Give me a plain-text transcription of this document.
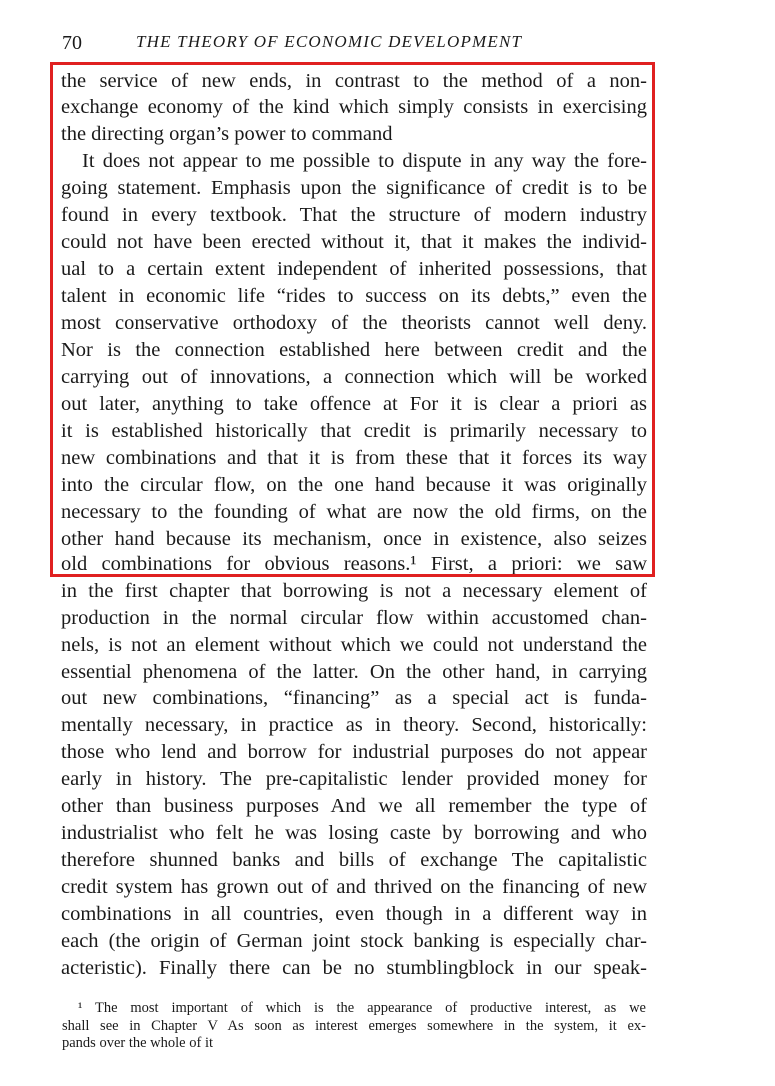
70	THE THEORY OF ECONOMIC DEVELOPMENT
the service of new ends, in contrast to the method of a non-
exchange economy of the kind which simply consists in exercising
the directing organ’s power to command
It does not appear to me possible to dispute in any way the fore-
going statement. Emphasis upon the significance of credit is to be
found in every textbook. That the structure of modern industry
could not have been erected without it, that it makes the individ-
ual to a certain extent independent of inherited possessions, that
talent in economic life “rides to success on its debts,” even the
most conservative orthodoxy of the theorists cannot well deny.
Nor is the connection established here between credit and the
carrying out of innovations, a connection which will be worked
out later, anything to take offence at For it is clear a priori as
it is established historically that credit is primarily necessary to
new combinations and that it is from these that it forces its way
into the circular flow, on the one hand because it was originally
necessary to the founding of what are now the old firms, on the
other hand because its mechanism, once in existence, also seizes
old combinations for obvious reasons.¹ First, a priori: we saw
in the first chapter that borrowing is not a necessary element of
production in the normal circular flow within accustomed chan-
nels, is not an element without which we could not understand the
essential phenomena of the latter. On the other hand, in carrying
out new combinations, “financing” as a special act is funda-
mentally necessary, in practice as in theory. Second, historically:
those who lend and borrow for industrial purposes do not appear
early in history. The pre-capitalistic lender provided money for
other than business purposes And we all remember the type of
industrialist who felt he was losing caste by borrowing and who
therefore shunned banks and bills of exchange The capitalistic
credit system has grown out of and thrived on the financing of new
combinations in all countries, even though in a different way in
each (the origin of German joint stock banking is especially char-
acteristic). Finally there can be no stumblingblock in our speak-
¹ The most important of which is the appearance of productive interest, as we
shall see in Chapter V As soon as interest emerges somewhere in the system, it ex-
pands over the whole of it
